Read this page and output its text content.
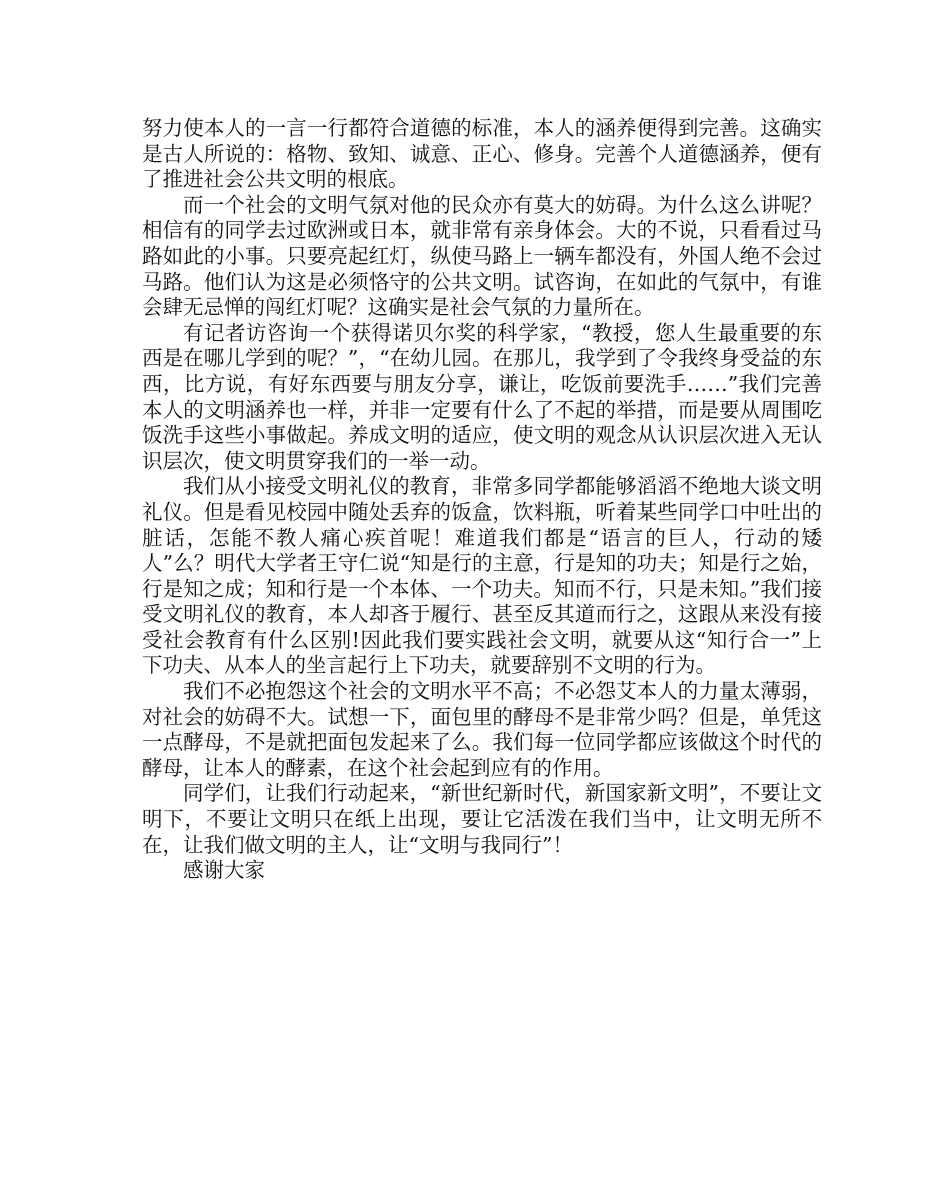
努力使本人的一言一行都符合道德的标准，本人的涵养便得到完善。这确实是古人所说的：格物、致知、诚意、正心、修身。完善个人道德涵养，便有了推进社会公共文明的根底。

而一个社会的文明气氛对他的民众亦有莫大的妨碍。为什么这么讲呢？相信有的同学去过欧洲或日本，就非常有亲身体会。大的不说，只看看过马路如此的小事。只要亮起红灯，纵使马路上一辆车都没有，外国人绝不会过马路。他们认为这是必须恪守的公共文明。试咨询，在如此的气氛中，有谁会肆无忌惮的闯红灯呢？这确实是社会气氛的力量所在。

有记者访咨询一个获得诺贝尔奖的科学家，“教授，您人生最重要的东西是在哪儿学到的呢？”，“在幼儿园。在那儿，我学到了令我终身受益的东西，比方说，有好东西要与朋友分享，谦让，吃饭前要洗手……”我们完善本人的文明涵养也一样，并非一定要有什么了不起的举措，而是要从周围吃饭洗手这些小事做起。养成文明的适应，使文明的观念从认识层次进入无认识层次，使文明贯穿我们的一举一动。

我们从小接受文明礼仪的教育，非常多同学都能够滔滔不绝地大谈文明礼仪。但是看见校园中随处丢弃的饭盒，饮料瓶，听着某些同学口中吐出的脏话，怎能不教人痛心疾首呢！难道我们都是“语言的巨人，行动的矮人”么？明代大学者王守仁说“知是行的主意，行是知的功夫；知是行之始，行是知之成；知和行是一个本体、一个功夫。知而不行，只是未知。”我们接受文明礼仪的教育，本人却吝于履行、甚至反其道而行之，这跟从来没有接受社会教育有什么区别!因此我们要实践社会文明，就要从这“知行合一”上下功夫、从本人的坐言起行上下功夫，就要辞别不文明的行为。

我们不必抱怨这个社会的文明水平不高；不必怨艾本人的力量太薄弱，对社会的妨碍不大。试想一下，面包里的酵母不是非常少吗？但是，单凭这一点酵母，不是就把面包发起来了么。我们每一位同学都应该做这个时代的酵母，让本人的酵素，在这个社会起到应有的作用。

同学们，让我们行动起来，“新世纪新时代，新国家新文明”，不要让文明下，不要让文明只在纸上出现，要让它活泼在我们当中，让文明无所不在，让我们做文明的主人，让“文明与我同行”！

感谢大家
